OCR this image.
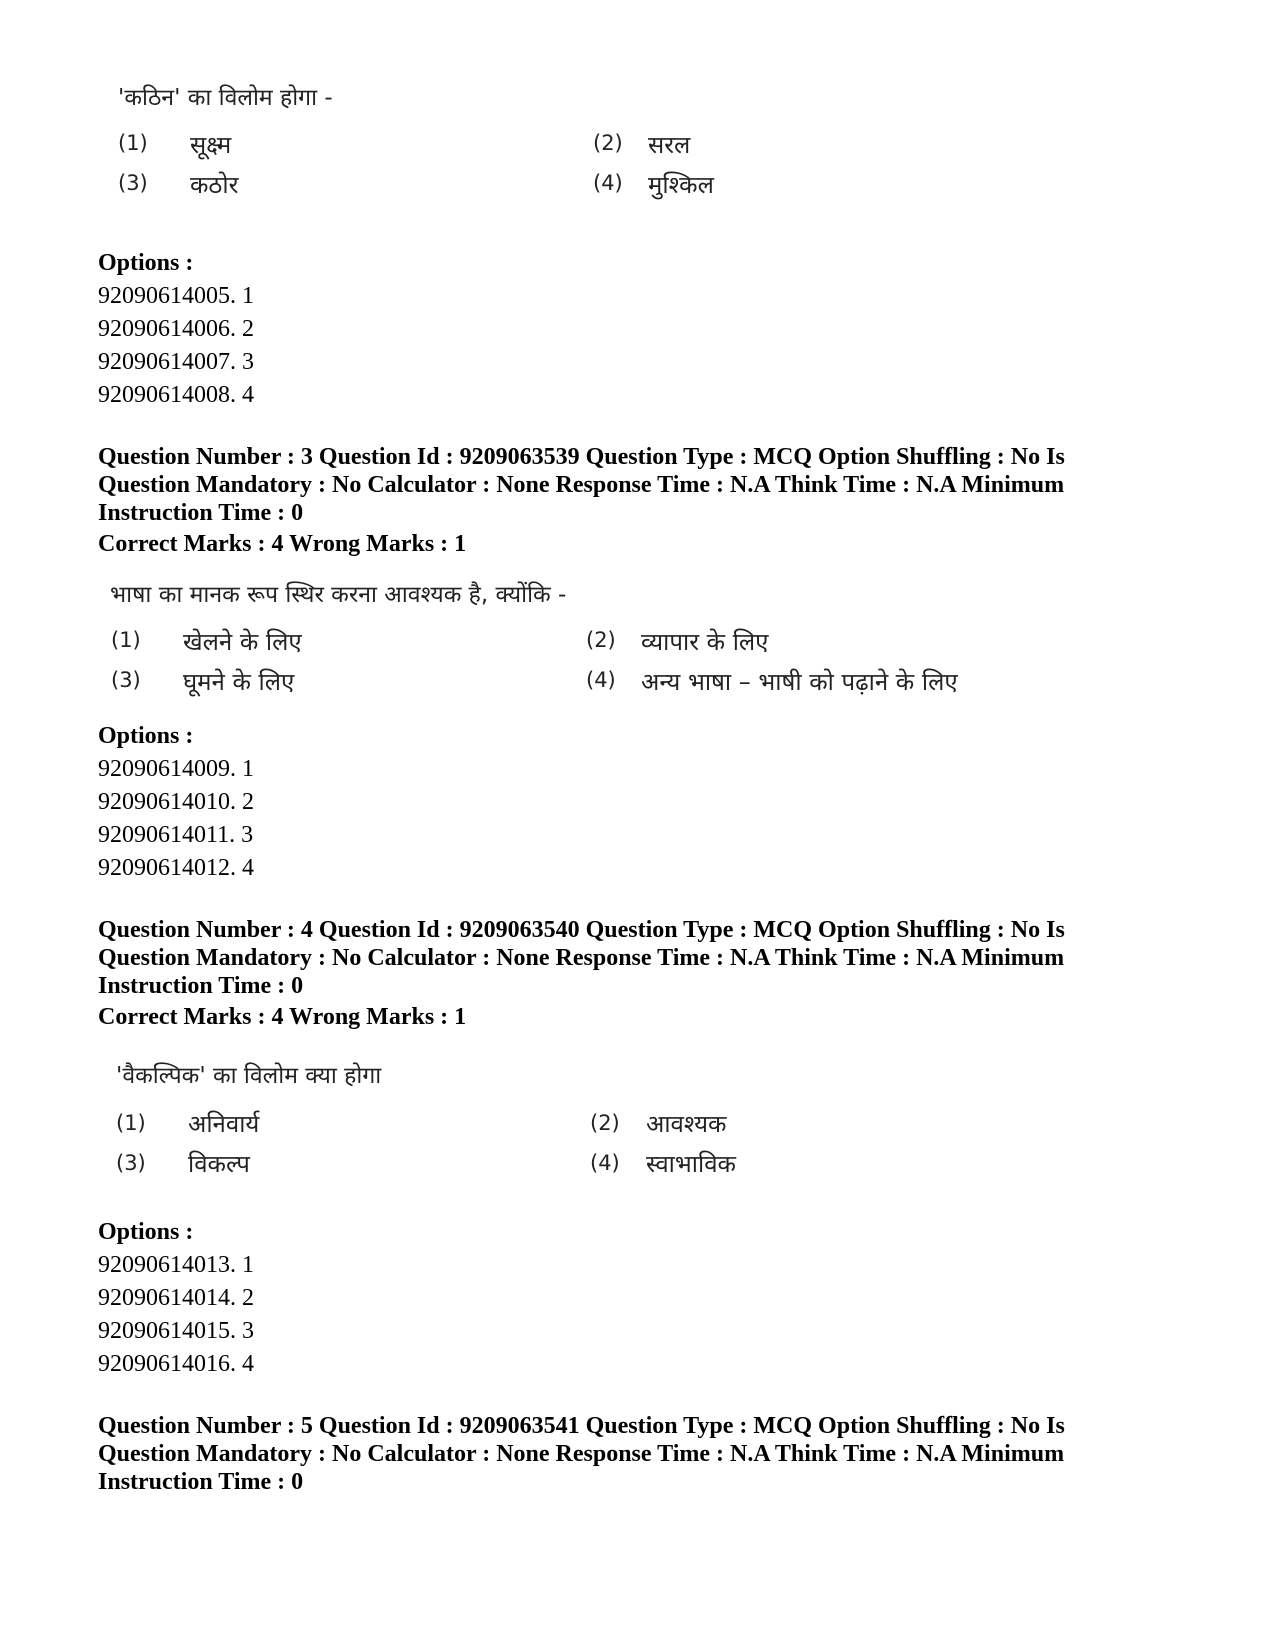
'कठिन' का विलोम होगा -
(1) सूक्ष्म	(2) सरल
(3) कठोर	(4) मुश्किल
Options :
92090614005. 1
92090614006. 2
92090614007. 3
92090614008. 4
Question Number : 3 Question Id : 9209063539 Question Type : MCQ Option Shuffling : No Is
Question Mandatory : No Calculator : None Response Time : N.A Think Time : N.A Minimum
Instruction Time : 0
Correct Marks : 4 Wrong Marks : 1
भाषा का मानक रूप स्थिर करना आवश्यक है, क्योंकि -
(1) खेलने के लिए	(2) व्यापार के लिए
(3) घूमने के लिए	(4) अन्य भाषा – भाषी को पढ़ाने के लिए
Options :
92090614009. 1
92090614010. 2
92090614011. 3
92090614012. 4
Question Number : 4 Question Id : 9209063540 Question Type : MCQ Option Shuffling : No Is
Question Mandatory : No Calculator : None Response Time : N.A Think Time : N.A Minimum
Instruction Time : 0
Correct Marks : 4 Wrong Marks : 1
'वैकल्पिक' का विलोम क्या होगा
(1) अनिवार्य	(2) आवश्यक
(3) विकल्प	(4) स्वाभाविक
Options :
92090614013. 1
92090614014. 2
92090614015. 3
92090614016. 4
Question Number : 5 Question Id : 9209063541 Question Type : MCQ Option Shuffling : No Is
Question Mandatory : No Calculator : None Response Time : N.A Think Time : N.A Minimum
Instruction Time : 0
